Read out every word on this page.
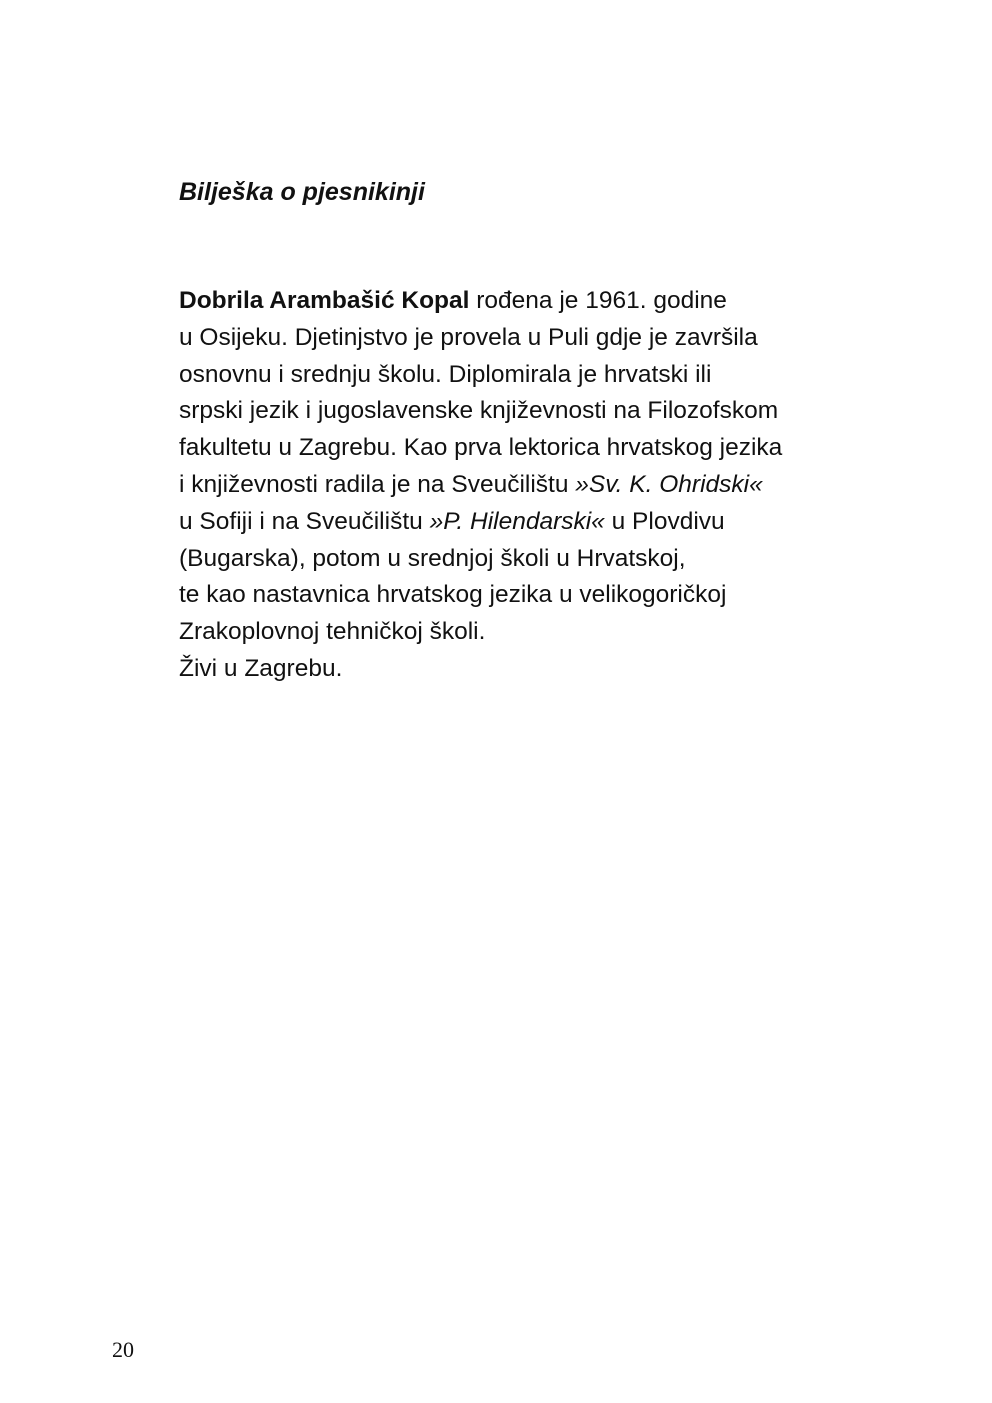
Bilješka o pjesnikinji
Dobrila Arambašić Kopal rođena je 1961. godine
u Osijeku. Djetinjstvo je provela u Puli gdje je završila
osnovnu i srednju školu. Diplomirala je hrvatski ili
srpski jezik i jugoslavenske književnosti na Filozofskom
fakultetu u Zagrebu. Kao prva lektorica hrvatskog jezika
i književnosti radila je na Sveučilištu »Sv. K. Ohridski«
u Sofiji i na Sveučilištu »P. Hilendarski« u Plovdivu
(Bugarska), potom u srednjoj školi u Hrvatskoj,
te kao nastavnica hrvatskog jezika u velikogoričkoj
Zrakoplovnoj tehničkoj školi.
Živi u Zagrebu.
20
